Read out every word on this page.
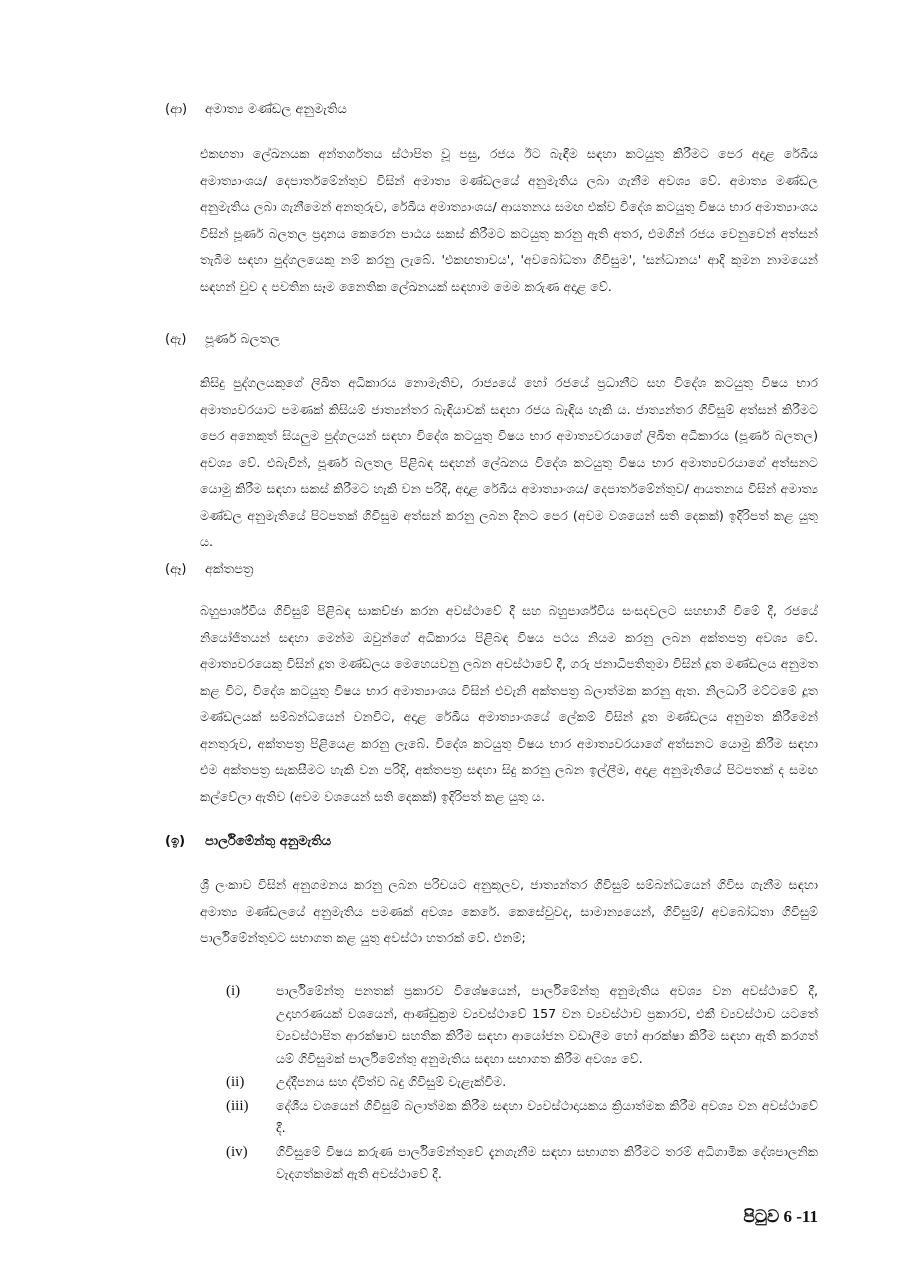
(ආ) අමාත්‍ය මණ්ඩල අනුමැතිය

එකඟතා ලේඛනයක අන්තර්ගතය ස්ථාපිත වූ පසු, රජය ඊට බැඳීම සඳහා කටයුතු කිරීමට පෙර අදාළ රේඛීය අමාත්‍යාංශය/ දෙපාර්තමේන්තුව විසින් අමාත්‍ය මණ්ඩලයේ අනුමැතිය ලබා ගැනීම අවශ්‍ය වේ. අමාත්‍ය මණ්ඩල අනුමැතිය ලබා ගැනීමෙන් අනතුරුව, රේඛීය අමාත්‍යාංශය/ ආයතනය සමඟ එක්ව විදේශ කටයුතු විෂය භාර අමාත්‍යාංශය විසින් පූර්ණ බලතල ප්‍රදානය කෙරෙන පාඨය සකස් කිරීමට කටයුතු කරනු ඇති අතර, එමගින් රජය වෙනුවෙන් අත්සන් තැබීම සඳහා පුද්ගලයෙකු නම් කරනු ලැබේ. 'එකඟතාවය', 'අවබෝධතා ගිවිසුම', 'සන්ධානය' ආදි කුමන නාමයෙන් සඳහන් වුව ද පවතින සෑම නෛතික ලේඛනයක් සඳහාම මෙම කරුණ අදාළ වේ.

(ඇ)	පූර්ණ බලතල

කිසිදු පුද්ගලයකුගේ ලිඛිත අධිකාරය නොමැතිව, රාජ්‍යයේ හෝ රජයේ ප්‍රධානීට සහ විදේශ කටයුතු විෂය භාර අමාත්‍යවරයාට පමණක් කිසියම් ජාත්‍යන්තර බැඳියාවක් සඳහා රජය බැඳිය හැකි ය. ජාත්‍යන්තර ගිවිසුම් අත්සන් කිරීමට පෙර අනෙකුත් සියලුම පුද්ගලයන් සඳහා විදේශ කටයුතු විෂය භාර අමාත්‍යවරයාගේ ලිඛිත අධිකාරය (පූර්ණ බලතල) අවශ්‍ය වේ. එබැවින්, පූර්ණ බලතල පිළිබඳ සඳහන් ලේඛනය විදේශ කටයුතු විෂය භාර අමාත්‍යවරයාගේ අත්සනට යොමු කිරීම සඳහා සකස් කිරීමට හැකි වන පරිදි, අදාළ රේඛීය අමාත්‍යාංශය/ දෙපාර්තමේන්තුව/ ආයතනය විසින් අමාත්‍ය මණ්ඩල අනුමැතියේ පිටපතක් ගිවිසුම අත්සන් කරනු ලබන දිනට පෙර (අවම වශයෙන් සති දෙකක්) ඉදිරිපත් කළ යුතු ය.

(ඈ)	අක්තපත්‍ර

බහුපාර්ශ්වීය ගිවිසුම් පිළිබඳ සාකච්ඡා කරන අවස්ථාවේ දී සහ බහුපාර්ශ්වීය සංසදවලට සහභාගි වීමේ දී, රජයේ නියෝජිතයන් සඳහා මෙන්ම ඔවුන්ගේ අධිකාරය පිළිබඳ විෂය පථය නියම කරනු ලබන අක්තපත්‍ර අවශ්‍ය වේ. අමාත්‍යවරයෙකු විසින් දූත මණ්ඩලය මෙහෙයවනු ලබන අවස්ථාවේ දී, ගරු ජනාධිපතිතුමා විසින් දූත මණ්ඩලය අනුමත කළ විට, විදේශ කටයුතු විෂය භාර අමාත්‍යාංශය විසින් එවැනි අක්තපත්‍ර බලාත්මක කරනු ඇත. නිලධාරි මට්ටමේ දූත මණ්ඩලයක් සම්බන්ධයෙන් වනවිට, අදාළ රේඛීය අමාත්‍යාංශයේ ලේකම් විසින් දූත මණ්ඩලය අනුමත කිරීමෙන් අනතුරුව, අක්තපත්‍ර පිළියෙළ කරනු ලැබේ. විදේශ කටයුතු විෂය භාර අමාත්‍යවරයාගේ අත්සනට යොමු කිරීම සඳහා එම අක්තපත්‍ර සැකසීමට හැකි වන පරිදි, අක්තපත්‍ර සඳහා සිදු කරනු ලබන ඉල්ලීම, අදාළ අනුමැතියේ පිටපතක් ද සමඟ කල්වේලා ඇතිව (අවම වශයෙන් සති දෙකක්) ඉදිරිපත් කළ යුතු ය.

(ඉ)	පාර්ලිමේන්තු අනුමැතිය

ශ්‍රී ලංකාව විසින් අනුගමනය කරනු ලබන පරිචයට අනුකූලව, ජාත්‍යන්තර ගිවිසුම් සම්බන්ධයෙන් ගිවිස ගැනීම සඳහා අමාත්‍ය මණ්ඩලයේ අනුමැතිය පමණක් අවශ්‍ය කෙරේ. කෙසේවුවද, සාමාන්‍යයෙන්, ගිවිසුම්/ අවබෝධතා ගිවිසුම් පාර්ලිමේන්තුවට සභාගත කළ යුතු අවස්ථා හතරක් වේ. එනම්;

(i)	පාර්ලිමේන්තු පනතක් ප්‍රකාරව විශේෂයෙන්, පාර්ලිමේන්තු අනුමැතිය අවශ්‍ය වන අවස්ථාවේ දී, උදාහරණයක් වශයෙන්, ආණ්ඩුක්‍රම ව්‍යවස්ථාවේ 157 වන ව්‍යවස්ථාව ප්‍රකාරව, එකී ව්‍යවස්ථාව යටතේ ව්‍යවස්ථාපිත ආරක්ෂාව සහතික කිරීම සඳහා ආයෝජන වඩාලීම හෝ ආරක්ෂා කිරීම සඳහා ඇති කරගත් යම් ගිවිසුමක් පාර්ලිමේන්තු අනුමැතිය සඳහා සභාගත කිරීම අවශ්‍ය වේ.
(ii)	උද්දීපනය සහ ද්විත්ව බදු ගිවිසුම් වැළැක්වීම.
(iii)	දේශීය වශයෙන් ගිවිසුම් බලාත්මක කිරීම සඳහා ව්‍යවස්ථාදායකය ක්‍රියාත්මක කිරීම අවශ්‍ය වන අවස්ථාවේ දී.
(iv)	ගිවිසුමේ විෂය කරුණ පාර්ලිමේන්තුවේ දැනගැනීම සඳහා සභාගත කිරීමට තරම් අධිගාමික දේශපාලනික වැදගත්කමක් ඇති අවස්ථාවේ දී.
පිටුව 6 -11
